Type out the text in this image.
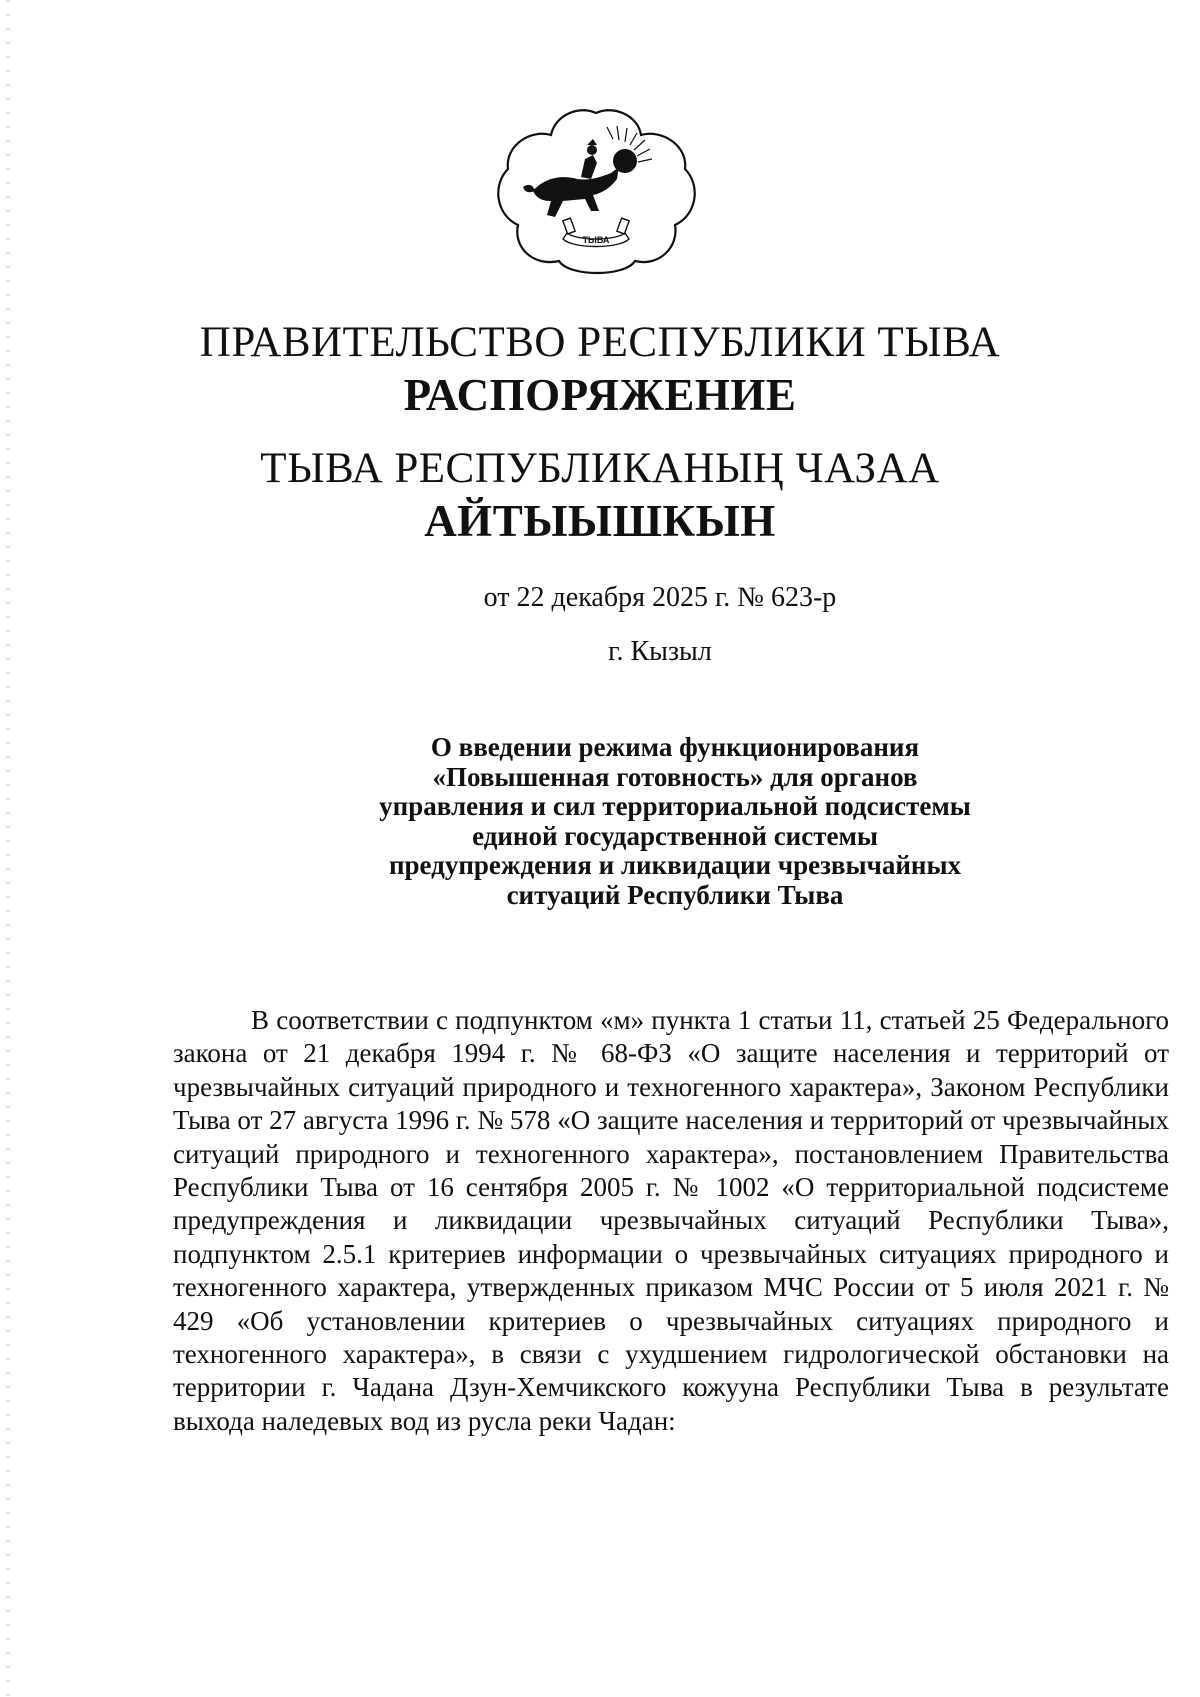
ТЫВА
ПРАВИТЕЛЬСТВО РЕСПУБЛИКИ ТЫВА
РАСПОРЯЖЕНИЕ
ТЫВА РЕСПУБЛИКАНЫҢ ЧАЗАА
АЙТЫЫШКЫН
от 22 декабря 2025 г. № 623-р
г. Кызыл
О введении режима функционирования «Повышенная готовность» для органов управления и сил территориальной подсистемы единой государственной системы предупреждения и ликвидации чрезвычайных ситуаций Республики Тыва
В соответствии с подпунктом «м» пункта 1 статьи 11, статьей 25 Федерального закона от 21 декабря 1994 г. № 68-ФЗ «О защите населения и территорий от чрезвычайных ситуаций природного и техногенного характера», Законом Республики Тыва от 27 августа 1996 г. № 578 «О защите населения и территорий от чрезвычайных ситуаций природного и техногенного характера», постановлением Правительства Республики Тыва от 16 сентября 2005 г. № 1002 «О территориальной подсистеме предупреждения и ликвидации чрезвычайных ситуаций Республики Тыва», подпунктом 2.5.1 критериев информации о чрезвычайных ситуациях природного и техногенного характера, утвержденных приказом МЧС России от 5 июля 2021 г. № 429 «Об установлении критериев о чрезвычайных ситуациях природного и техногенного характера», в связи с ухудшением гидрологической обстановки на территории г. Чадана Дзун-Хемчикского кожууна Республики Тыва в результате выхода наледевых вод из русла реки Чадан:
